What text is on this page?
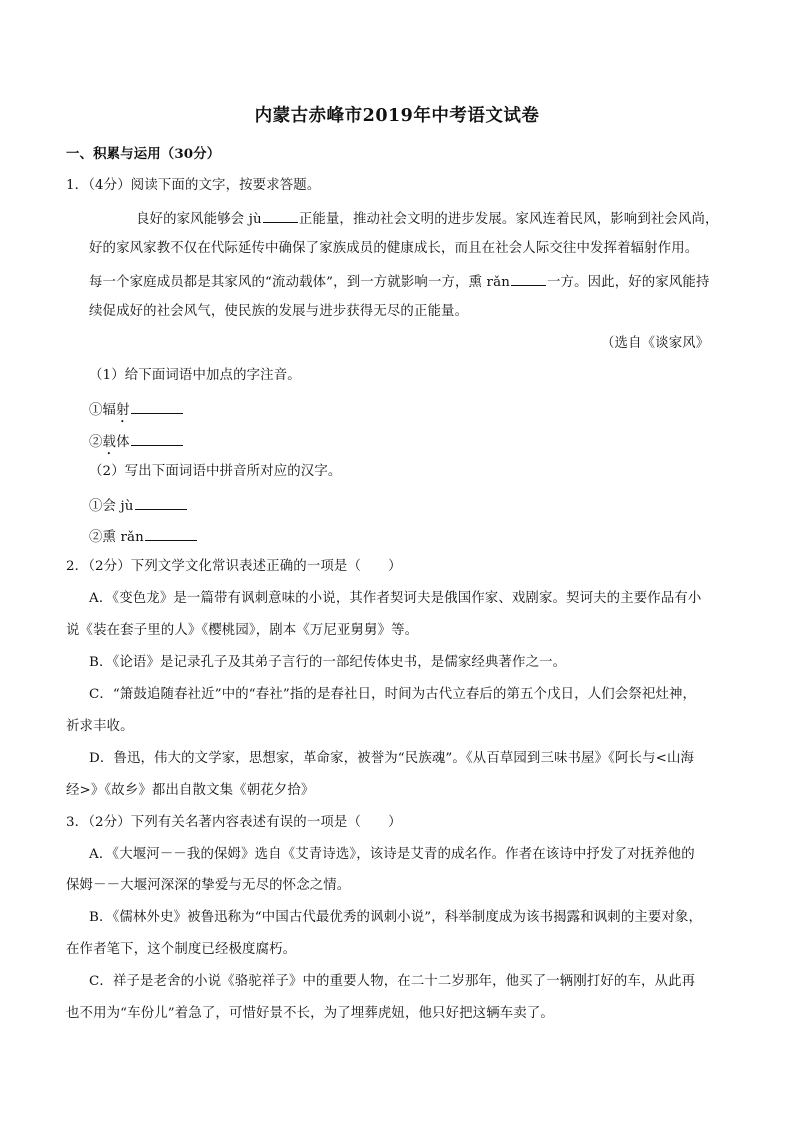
内蒙古赤峰市2019年中考语文试卷
一、积累与运用（30分）
1．（4分）阅读下面的文字，按要求答题。
良好的家风能够会 jù	正能量，推动社会文明的进步发展。家风连着民风，影响到社会风尚，
好的家风家教不仅在代际延传中确保了家族成员的健康成长，而且在社会人际交往中发挥着辐射作用。
每一个家庭成员都是其家风的“流动载体”，到一方就影响一方，熏 rǎn	一方。因此，好的家风能持
续促成好的社会风气，使民族的发展与进步获得无尽的正能量。
（选自《谈家风》
（1）给下面词语中加点的字注音。
①辐射
②载体
（2）写出下面词语中拼音所对应的汉字。
①会 jù
②熏 rǎn
2．（2分）下列文学文化常识表述正确的一项是（　　）
A．《变色龙》是一篇带有讽刺意味的小说，其作者契诃夫是俄国作家、戏剧家。契诃夫的主要作品有小
说《装在套子里的人》《樱桃园》，剧本《万尼亚舅舅》等。
B．《论语》是记录孔子及其弟子言行的一部纪传体史书，是儒家经典著作之一。
C．“箫鼓追随春社近”中的“春社”指的是春社日，时间为古代立春后的第五个戊日，人们会祭祀灶神，
祈求丰收。
D．鲁迅，伟大的文学家，思想家，革命家，被誉为“民族魂”。《从百草园到三味书屋》《阿长与<山海
经>》《故乡》都出自散文集《朝花夕拾》
3．（2分）下列有关名著内容表述有误的一项是（　　）
A．《大堰河－－我的保姆》选自《艾青诗选》，该诗是艾青的成名作。作者在该诗中抒发了对抚养他的
保姆－－大堰河深深的挚爱与无尽的怀念之情。
B．《儒林外史》被鲁迅称为“中国古代最优秀的讽刺小说”，科举制度成为该书揭露和讽刺的主要对象，
在作者笔下，这个制度已经极度腐朽。
C．祥子是老舍的小说《骆驼祥子》中的重要人物，在二十二岁那年，他买了一辆刚打好的车，从此再
也不用为“车份儿”着急了，可惜好景不长，为了埋葬虎妞，他只好把这辆车卖了。
